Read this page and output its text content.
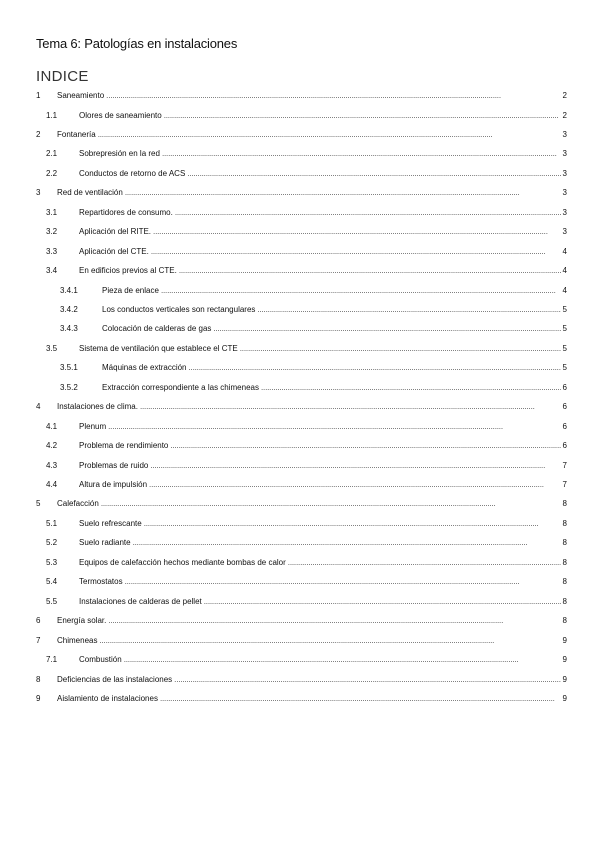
Tema 6: Patologías en instalaciones
INDICE
1 Saneamiento . . .	2
1.1	Olores de saneamiento . . .	2
2 Fontanería . . .	3
2.1	Sobrepresión en la red . . .	3
2.2	Conductos de retorno de ACS . . .	3
3 Red de ventilación . . .	3
3.1	Repartidores de consumo. . . .	3
3.2	Aplicación del RITE. . . .	3
3.3	Aplicación del CTE. . . .	4
3.4	En edificios previos al CTE. . . .	4
3.4.1	Pieza de enlace . . .	4
3.4.2	Los conductos verticales son rectangulares . . .	5
3.4.3	Colocación de calderas de gas . . .	5
3.5	Sistema de ventilación que establece el CTE . . .	5
3.5.1	Máquinas de extracción . . .	5
3.5.2	Extracción correspondiente a las chimeneas . . .	6
4 Instalaciones de clima. . . .	6
4.1	Plenum . . .	6
4.2	Problema de rendimiento . . .	6
4.3	Problemas de ruido . . .	7
4.4	Altura de impulsión . . .	7
5 Calefacción . . .	8
5.1	Suelo refrescante . . .	8
5.2	Suelo radiante . . .	8
5.3	Equipos de calefacción hechos mediante bombas de calor . . .	8
5.4	Termostatos . . .	8
5.5	Instalaciones de calderas de pellet . . .	8
6 Energía solar. . . .	8
7 Chimeneas . . .	9
7.1	Combustión . . .	9
8 Deficiencias de las instalaciones . . .	9
9 Aislamiento de instalaciones . . .	9
